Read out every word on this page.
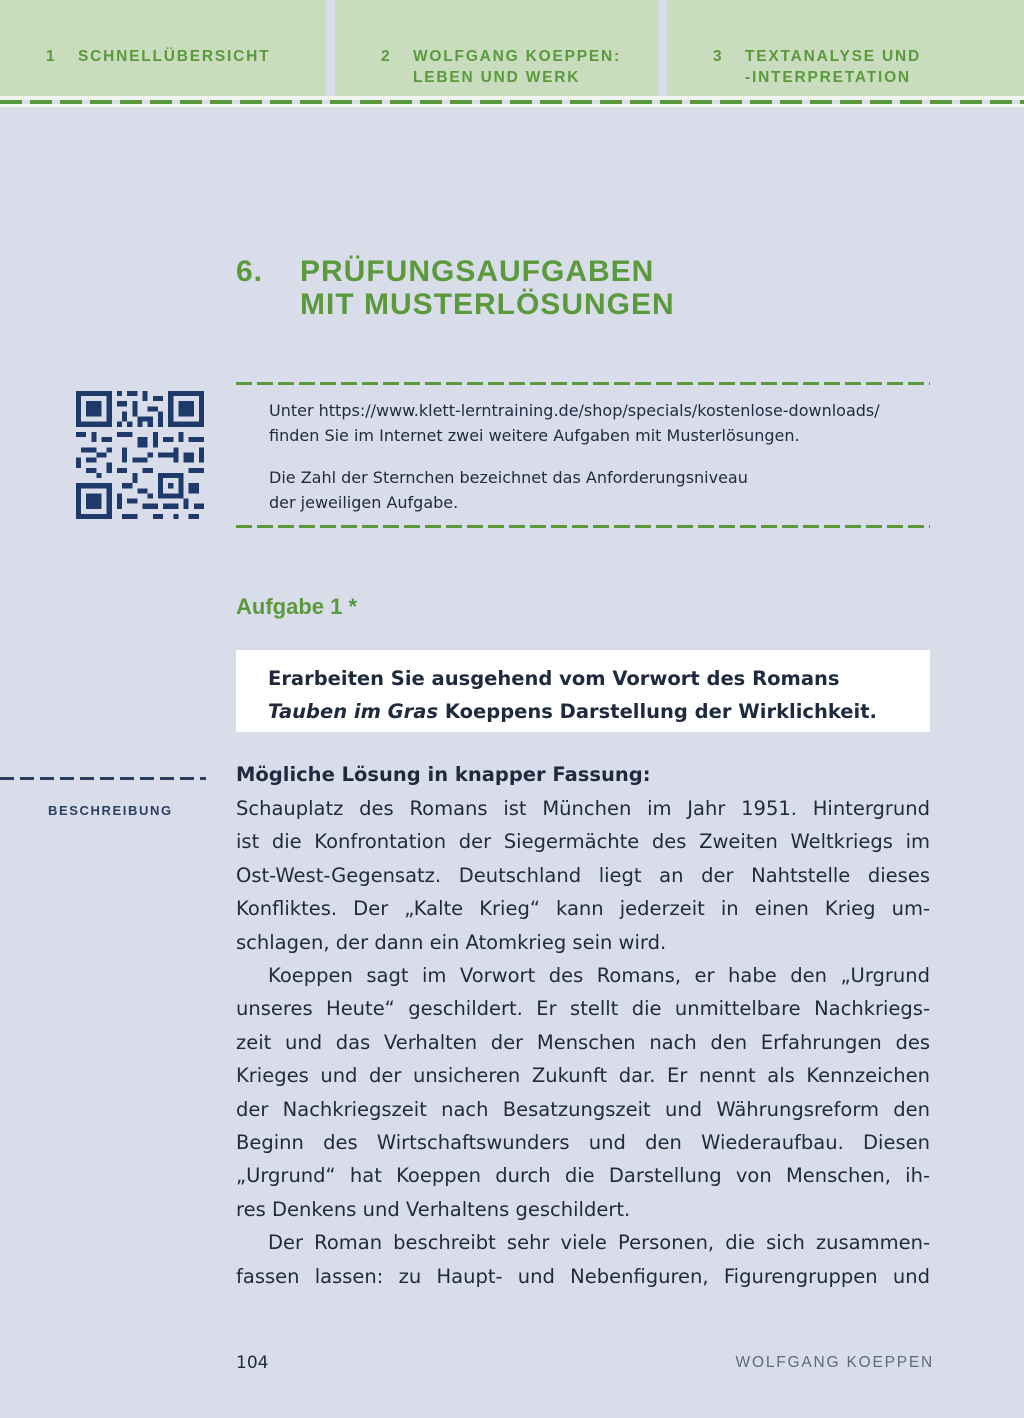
1 SCHNELLÜBERSICHT	2 WOLFGANG KOEPPEN:
LEBEN UND WERK
3 TEXTANALYSE UND
-INTERPRETATION
6. PRÜFUNGSAUFGABEN
MIT MUSTERLÖSUNGEN
Unter https://www.klett-lerntraining.de/shop/specials/kostenlose-downloads/
finden Sie im Internet zwei weitere Aufgaben mit Musterlösungen.
Die Zahl der Sternchen bezeichnet das Anforderungsniveau
der jeweiligen Aufgabe.
Aufgabe 1 *
Erarbeiten Sie ausgehend vom Vorwort des Romans
Tauben im Gras Koeppens Darstellung der Wirklichkeit.
BESCHREIBUNG
Mögliche Lösung in knapper Fassung:
Schauplatz des Romans ist München im Jahr 1951. Hintergrund
ist die Konfrontation der Siegermächte des Zweiten Weltkriegs im
Ost-West-Gegensatz. Deutschland liegt an der Nahtstelle dieses
Konfliktes. Der „Kalte Krieg“ kann jederzeit in einen Krieg um-
schlagen, der dann ein Atomkrieg sein wird.
Koeppen sagt im Vorwort des Romans, er habe den „Urgrund
unseres Heute“ geschildert. Er stellt die unmittelbare Nachkriegs-
zeit und das Verhalten der Menschen nach den Erfahrungen des
Krieges und der unsicheren Zukunft dar. Er nennt als Kennzeichen
der Nachkriegszeit nach Besatzungszeit und Währungsreform den
Beginn des Wirtschaftswunders und den Wiederaufbau. Diesen
„Urgrund“ hat Koeppen durch die Darstellung von Menschen, ih-
res Denkens und Verhaltens geschildert.
Der Roman beschreibt sehr viele Personen, die sich zusammen-
fassen lassen: zu Haupt- und Nebenfiguren, Figurengruppen und
104	WOLFGANG KOEPPEN
